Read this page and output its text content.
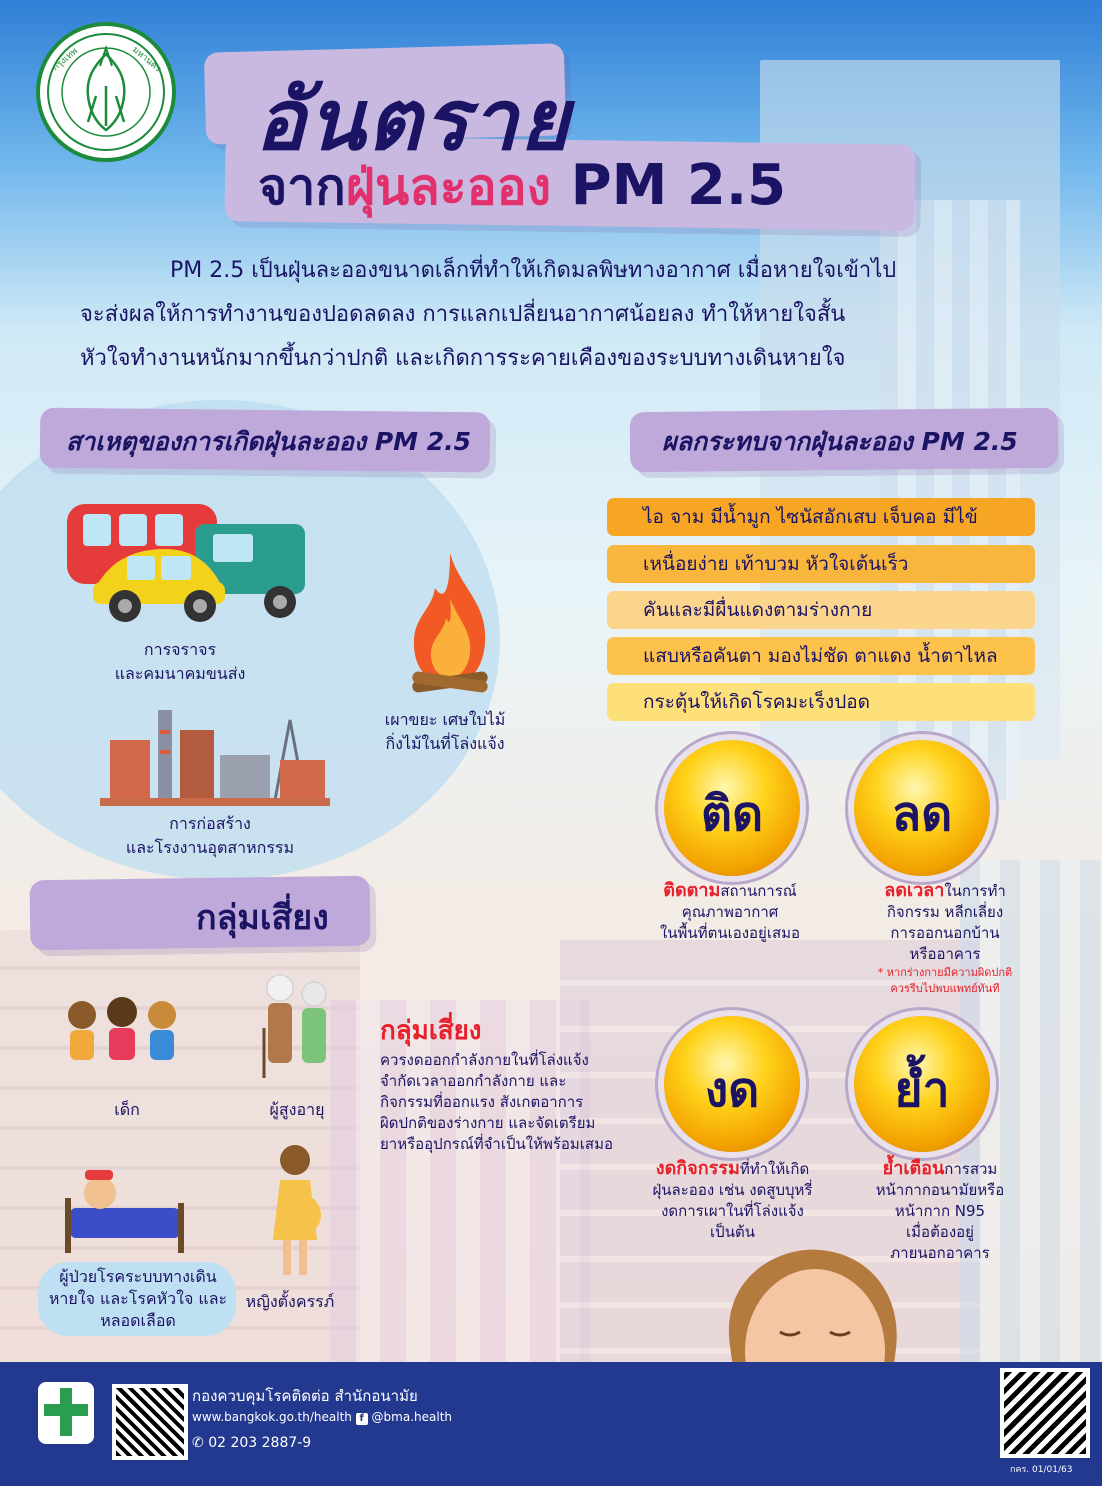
กรุงเทพ	มหานคร
อันตราย
จากฝุ่นละออง PM 2.5
PM 2.5 เป็นฝุ่นละอองขนาดเล็กที่ทำให้เกิดมลพิษทางอากาศ เมื่อหายใจเข้าไป
จะส่งผลให้การทำงานของปอดลดลง การแลกเปลี่ยนอากาศน้อยลง ทำให้หายใจสั้น
หัวใจทำงานหนักมากขึ้นกว่าปกติ และเกิดการระคายเคืองของระบบทางเดินหายใจ
สาเหตุของการเกิดฝุ่นละออง PM 2.5	ผลกระทบจากฝุ่นละออง PM 2.5
การจราจร
และคมนาคมขนส่ง
เผาขยะ เศษใบไม้
กิ่งไม้ในที่โล่งแจ้ง
การก่อสร้าง
และโรงงานอุตสาหกรรม
ไอ จาม มีน้ำมูก ไซนัสอักเสบ เจ็บคอ มีไข้
เหนื่อยง่าย เท้าบวม หัวใจเต้นเร็ว
คันและมีผื่นแดงตามร่างกาย
แสบหรือคันตา มองไม่ชัด ตาแดง น้ำตาไหล
กระตุ้นให้เกิดโรคมะเร็งปอด
ติด	ลด
งด	ย้ำ
ติดตามสถานการณ์
คุณภาพอากาศ
ในพื้นที่ตนเองอยู่เสมอ
ลดเวลาในการทำ
กิจกรรม หลีกเลี่ยง
การออกนอกบ้าน
หรืออาคาร
* หากร่างกายมีความผิดปกติ
ควรรีบไปพบแพทย์ทันที
งดกิจกรรมที่ทำให้เกิด
ฝุ่นละออง เช่น งดสูบบุหรี่
งดการเผาในที่โล่งแจ้ง
เป็นต้น
ย้ำเตือนการสวม
หน้ากากอนามัยหรือ
หน้ากาก N95
เมื่อต้องอยู่
ภายนอกอาคาร
กลุ่มเสี่ยง
เด็ก	ผู้สูงอายุ
ผู้ป่วยโรคระบบทางเดิน
หายใจ และโรคหัวใจ และ
หลอดเลือด
หญิงตั้งครรภ์
กลุ่มเสี่ยง
ควรงดออกกำลังกายในที่โล่งแจ้ง
จำกัดเวลาออกกำลังกาย และ
กิจกรรมที่ออกแรง สังเกตอาการ
ผิดปกติของร่างกาย และจัดเตรียม
ยาหรืออุปกรณ์ที่จำเป็นให้พร้อมเสมอ
กองควบคุมโรคติดต่อ สำนักอนามัย
www.bangkok.go.th/health f @bma.health
✆ 02 203 2887-9
กคร. 01/01/63
